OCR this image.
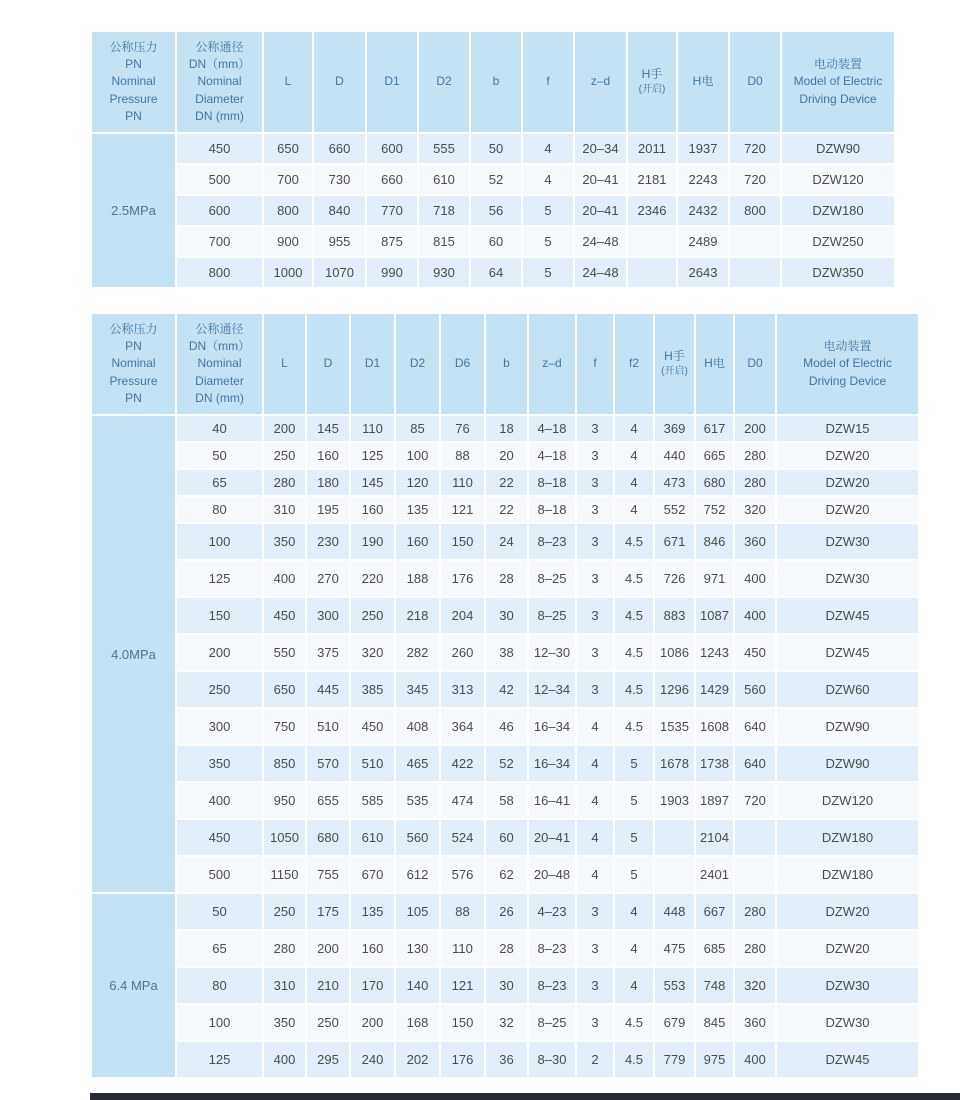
公称压力
PN
Nominal
Pressure
PN	公称通径
DN（mm）
Nominal
Diameter
DN (mm)	L	D	D1	D2	b	f	z–d	H手
(开启)	H电	D0	电动装置
Model of Electric
Driving Device

2.5MPa	450	650	660	600	555	50	4	20–34	2011	1937	720	DZW90
	500	700	730	660	610	52	4	20–41	2181	2243	720	DZW120
	600	800	840	770	718	56	5	20–41	2346	2432	800	DZW180
	700	900	955	875	815	60	5	24–48		2489		DZW250
	800	1000	1070	990	930	64	5	24–48		2643		DZW350
公称压力
PN
Nominal
Pressure
PN	公称通径
DN（mm）
Nominal
Diameter
DN (mm)	L	D	D1	D2	D6	b	z–d	f	f2	H手
(开启)	H电	D0	电动装置
Model of Electric
Driving Device

4.0MPa	40	200	145	110	85	76	18	4–18	3	4	369	617	200	DZW15
	50	250	160	125	100	88	20	4–18	3	4	440	665	280	DZW20
	65	280	180	145	120	110	22	8–18	3	4	473	680	280	DZW20
	80	310	195	160	135	121	22	8–18	3	4	552	752	320	DZW20
	100	350	230	190	160	150	24	8–23	3	4.5	671	846	360	DZW30
	125	400	270	220	188	176	28	8–25	3	4.5	726	971	400	DZW30
	150	450	300	250	218	204	30	8–25	3	4.5	883	1087	400	DZW45
	200	550	375	320	282	260	38	12–30	3	4.5	1086	1243	450	DZW45
	250	650	445	385	345	313	42	12–34	3	4.5	1296	1429	560	DZW60
	300	750	510	450	408	364	46	16–34	4	4.5	1535	1608	640	DZW90
	350	850	570	510	465	422	52	16–34	4	5	1678	1738	640	DZW90
	400	950	655	585	535	474	58	16–41	4	5	1903	1897	720	DZW120
	450	1050	680	610	560	524	60	20–41	4	5		2104		DZW180
	500	1150	755	670	612	576	62	20–48	4	5		2401		DZW180
6.4 MPa	50	250	175	135	105	88	26	4–23	3	4	448	667	280	DZW20
	65	280	200	160	130	110	28	8–23	3	4	475	685	280	DZW20
	80	310	210	170	140	121	30	8–23	3	4	553	748	320	DZW30
	100	350	250	200	168	150	32	8–25	3	4.5	679	845	360	DZW30
	125	400	295	240	202	176	36	8–30	2	4.5	779	975	400	DZW45
